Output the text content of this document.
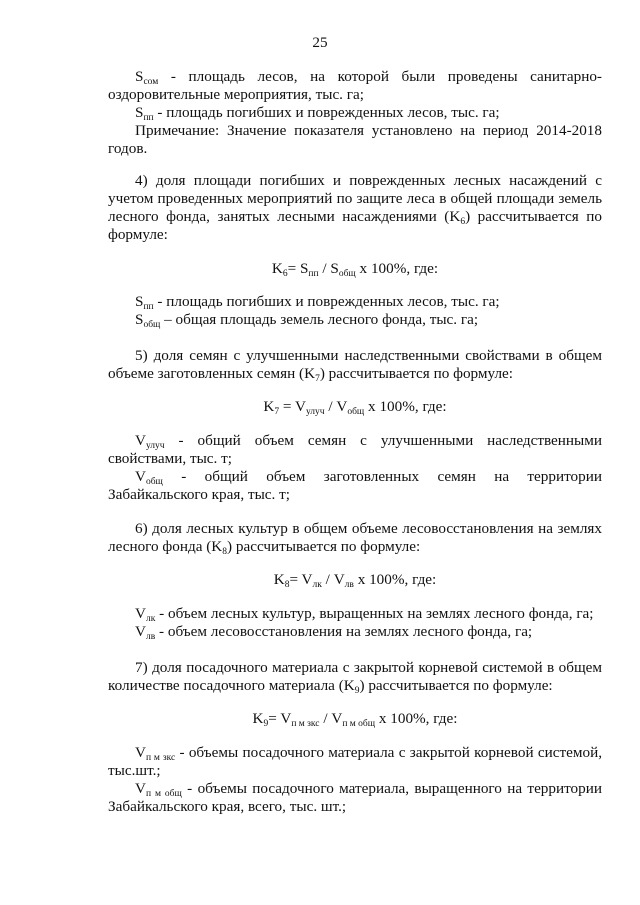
25
$S_{сом}$ - площадь лесов, на которой были проведены санитарно-оздоровительные мероприятия, тыс. га;
$S_{пп}$ - площадь погибших и поврежденных лесов, тыс. га;
Примечание: Значение показателя установлено на период 2014-2018 годов.
4) доля площади погибших и поврежденных лесных насаждений с учетом проведенных мероприятий по защите леса в общей площади земель лесного фонда, занятых лесными насаждениями $(K_6)$ рассчитывается по формуле:
$K_6= S_{пп} / S_{общ}$ x 100%, где:
$S_{пп}$ - площадь погибших и поврежденных лесов, тыс. га;
$S_{общ}$ – общая площадь земель лесного фонда, тыс. га;
5) доля семян с улучшенными наследственными свойствами в общем объеме заготовленных семян $(K_7)$ рассчитывается по формуле:
$K_7 = V_{улуч} / V_{общ}$ x 100%, где:
$V_{улуч}$ - общий объем семян с улучшенными наследственными свойствами, тыс. т;
$V_{общ}$ - общий объем заготовленных семян на территории Забайкальского края, тыс. т;
6) доля лесных культур в общем объеме лесовосстановления на землях лесного фонда $(K_8)$ рассчитывается по формуле:
$K_8= V_{лк} / V_{лв}$ x 100%, где:
$V_{лк}$ - объем лесных культур, выращенных на землях лесного фонда, га;
$V_{лв}$ - объем лесовосстановления на землях лесного фонда, га;
7) доля посадочного материала с закрытой корневой системой в общем количестве посадочного материала $(K_9)$ рассчитывается по формуле:
$K_9= V_{п м зкс} / V_{п м общ}$ x 100%, где:
$V_{п м зкс}$ - объемы посадочного материала с закрытой корневой системой, тыс.шт.;
$V_{п м общ}$ - объемы посадочного материала, выращенного на территории Забайкальского края, всего, тыс. шт.;
